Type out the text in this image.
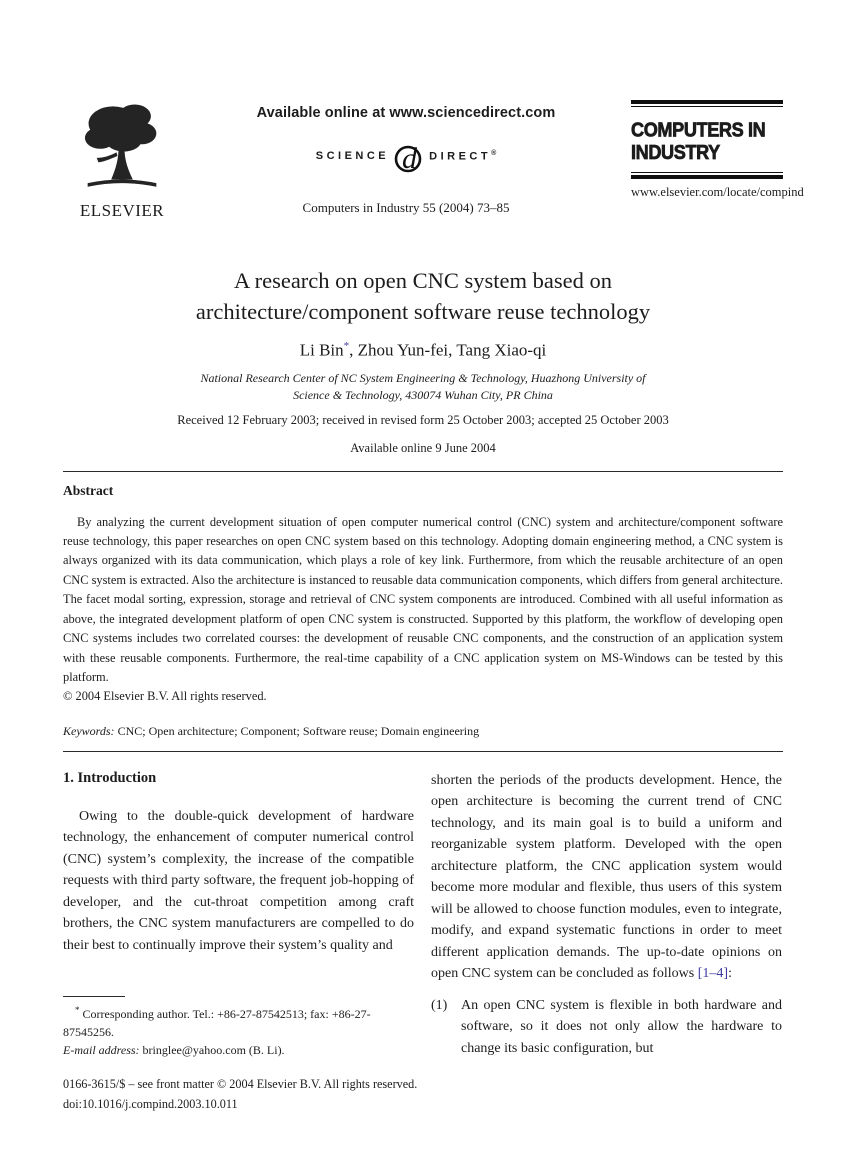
ELSEVIER
Available online at www.sciencedirect.com
SCIENCE d DIRECT®
Computers in Industry 55 (2004) 73–85
COMPUTERS IN
INDUSTRY
www.elsevier.com/locate/compind
A research on open CNC system based on
architecture/component software reuse technology
Li Bin*, Zhou Yun-fei, Tang Xiao-qi
National Research Center of NC System Engineering & Technology, Huazhong University of
Science & Technology, 430074 Wuhan City, PR China
Received 12 February 2003; received in revised form 25 October 2003; accepted 25 October 2003
Available online 9 June 2004
Abstract

By analyzing the current development situation of open computer numerical control (CNC) system and architecture/component software reuse technology, this paper researches on open CNC system based on this technology. Adopting domain engineering method, a CNC system is always organized with its data communication, which plays a role of key link. Furthermore, from which the reusable architecture of an open CNC system is extracted. Also the architecture is instanced to reusable data communication components, which differs from general architecture. The facet modal sorting, expression, storage and retrieval of CNC system components are introduced. Combined with all useful information as above, the integrated development platform of open CNC system is constructed. Supported by this platform, the workflow of developing open CNC systems includes two correlated courses: the development of reusable CNC components, and the construction of an application system with these reusable components. Furthermore, the real-time capability of a CNC application system on MS-Windows can be tested by this platform.

© 2004 Elsevier B.V. All rights reserved.

Keywords: CNC; Open architecture; Component; Software reuse; Domain engineering

1. Introduction

Owing to the double-quick development of hardware technology, the enhancement of computer numerical control (CNC) system’s complexity, the increase of the compatible requests with third party software, the frequent job-hopping of developer, and the cut-throat competition among craft brothers, the CNC system manufacturers are compelled to do their best to continually improve their system’s quality and

* Corresponding author. Tel.: +86-27-87542513; fax: +86-27-87545256.

E-mail address: bringlee@yahoo.com (B. Li).

shorten the periods of the products development. Hence, the open architecture is becoming the current trend of CNC technology, and its main goal is to build a uniform and reorganizable system platform. Developed with the open architecture platform, the CNC application system would become more modular and flexible, thus users of this system will be allowed to choose function modules, even to integrate, modify, and expand systematic functions in order to meet different application demands. The up-to-date opinions on open CNC system can be concluded as follows [1–4]:

(1) An open CNC system is flexible in both hardware and software, so it does not only allow the hardware to change its basic configuration, but
0166-3615/$ – see front matter © 2004 Elsevier B.V. All rights reserved.
doi:10.1016/j.compind.2003.10.011
